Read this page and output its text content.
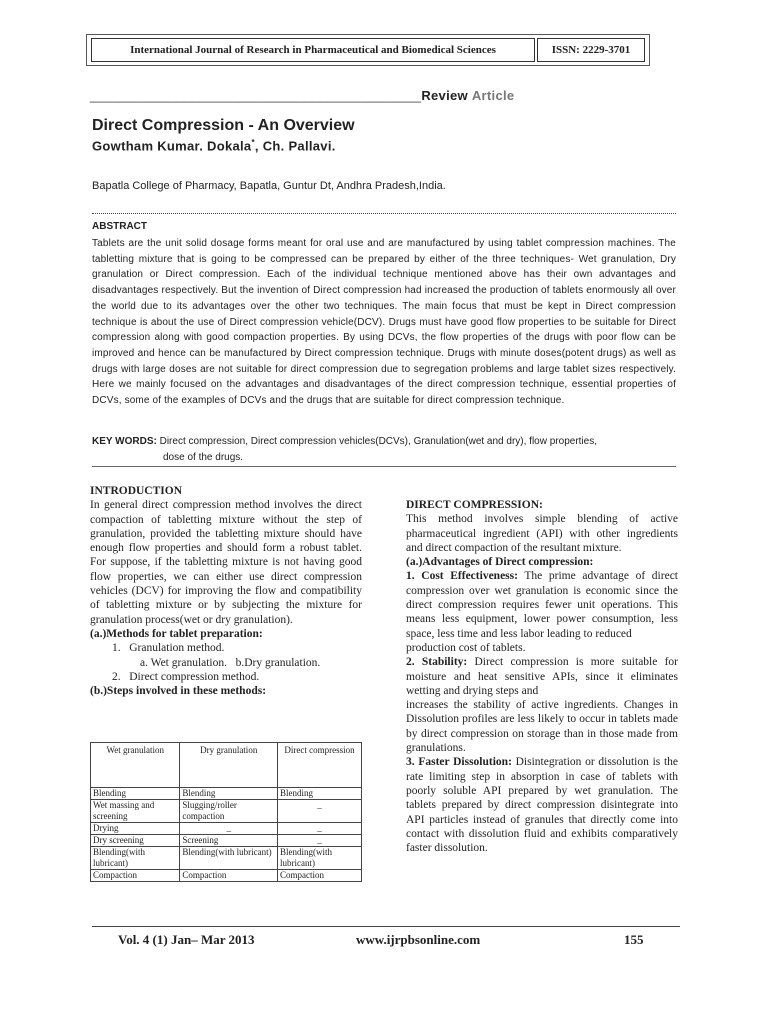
International Journal of Research in Pharmaceutical and Biomedical Sciences	ISSN: 2229-3701
____________________________________________Review Article
Direct Compression - An Overview
Gowtham Kumar. Dokala*, Ch. Pallavi.
Bapatla College of Pharmacy, Bapatla, Guntur Dt, Andhra Pradesh,India.
ABSTRACT
Tablets are the unit solid dosage forms meant for oral use and are manufactured by using tablet compression machines. The tabletting mixture that is going to be compressed can be prepared by either of the three techniques- Wet granulation, Dry granulation or Direct compression. Each of the individual technique mentioned above has their own advantages and disadvantages respectively. But the invention of Direct compression had increased the production of tablets enormously all over the world due to its advantages over the other two techniques. The main focus that must be kept in Direct compression technique is about the use of Direct compression vehicle(DCV). Drugs must have good flow properties to be suitable for Direct compression along with good compaction properties. By using DCVs, the flow properties of the drugs with poor flow can be improved and hence can be manufactured by Direct compression technique. Drugs with minute doses(potent drugs) as well as drugs with large doses are not suitable for direct compression due to segregation problems and large tablet sizes respectively. Here we mainly focused on the advantages and disadvantages of the direct compression technique, essential properties of DCVs, some of the examples of DCVs and the drugs that are suitable for direct compression technique.
KEY WORDS: Direct compression, Direct compression vehicles(DCVs), Granulation(wet and dry), flow properties,
dose of the drugs.

INTRODUCTION

In general direct compression method involves the direct compaction of tabletting mixture without the step of granulation, provided the tabletting mixture should have enough flow properties and should form a robust tablet. For suppose, if the tabletting mixture is not having good flow properties, we can either use direct compression vehicles (DCV) for improving the flow and compatibility of tabletting mixture or by subjecting the mixture for granulation process(wet or dry granulation).

(a.)Methods for tablet preparation:

1. Granulation method.

a. Wet granulation.   b.Dry granulation.

2. Direct compression method.

(b.)Steps involved in these methods:

Wet granulation	Dry granulation	Direct compression
Blending	Blending	Blending
Wet massing and screening	Slugging/roller compaction	_
Drying	_	_
Dry screening	Screening	_
Blending(with lubricant)	Blending(with lubricant)	Blending(with lubricant)
Compaction	Compaction	Compaction

DIRECT COMPRESSION:

This method involves simple blending of active pharmaceutical ingredient (API) with other ingredients and direct compaction of the resultant mixture.

(a.)Advantages of Direct compression:

1. Cost Effectiveness: The prime advantage of direct compression over wet granulation is economic since the direct compression requires fewer unit operations. This means less equipment, lower power consumption, less space, less time and less labor leading to reduced

production cost of tablets.

2. Stability: Direct compression is more suitable for moisture and heat sensitive APIs, since it eliminates wetting and drying steps and

increases the stability of active ingredients. Changes in Dissolution profiles are less likely to occur in tablets made by direct compression on storage than in those made from granulations.

3. Faster Dissolution: Disintegration or dissolution is the rate limiting step in absorption in case of tablets with poorly soluble API prepared by wet granulation. The tablets prepared by direct compression disintegrate into API particles instead of granules that directly come into contact with dissolution fluid and exhibits comparatively faster dissolution.

Vol. 4 (1) Jan– Mar 2013	www.ijrpbsonline.com	155
